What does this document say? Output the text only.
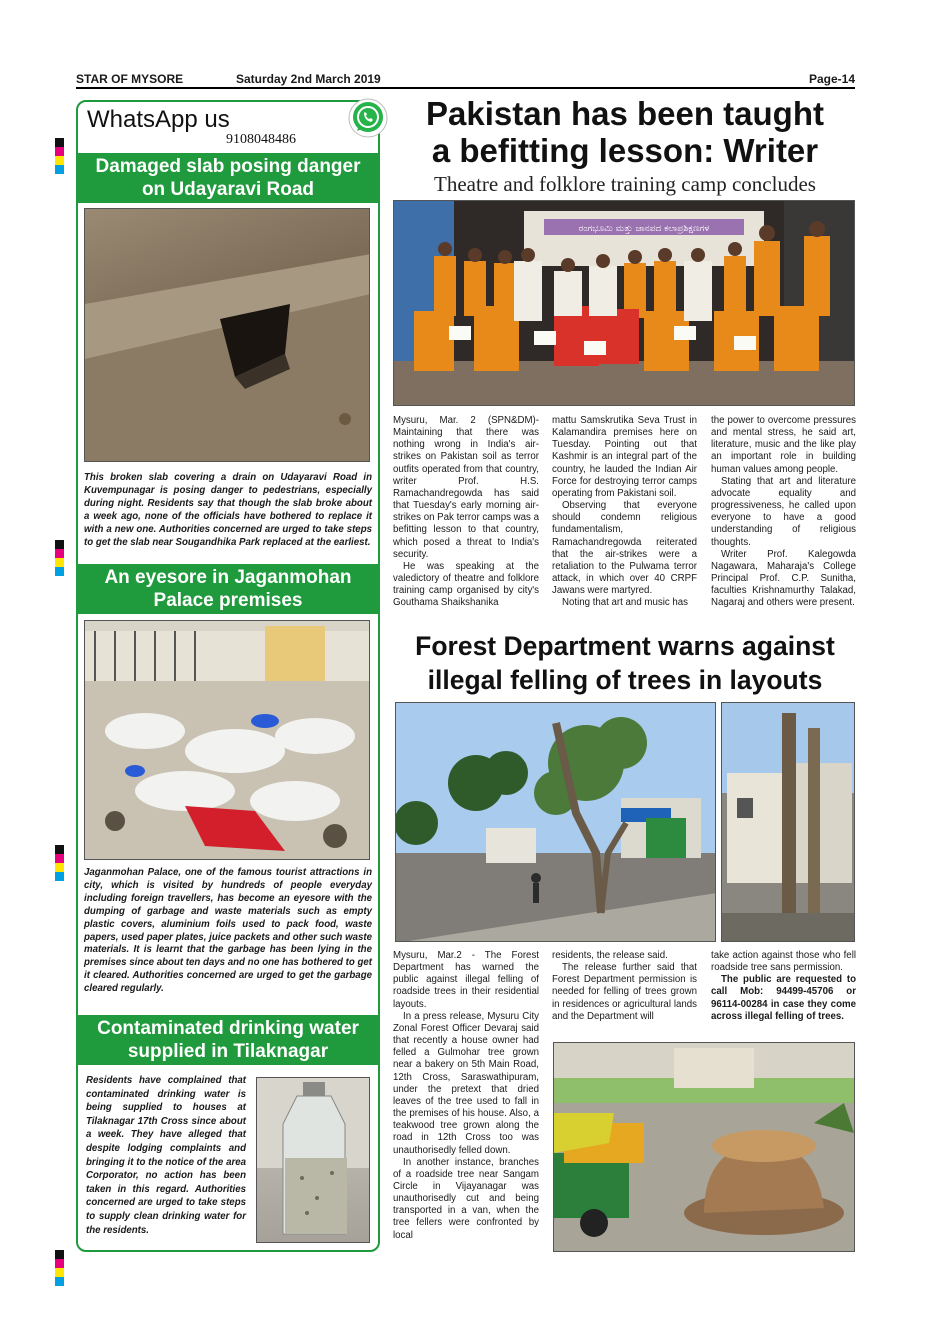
STAR OF MYSORE	Saturday 2nd March 2019	Page-14
WhatsApp us
9108048486
Damaged slab posing danger
on Udayaravi Road
This broken slab covering a drain on Udayaravi Road in Kuvempunagar is posing danger to pedestrians, especially during night. Residents say that though the slab broke about a week ago, none of the officials have bothered to replace it with a new one. Authorities concerned are urged to take steps to get the slab near Sougandhika Park replaced at the earliest.
An eyesore in Jaganmohan
Palace premises
Jaganmohan Palace, one of the famous tourist attractions in city, which is visited by hundreds of people everyday including foreign travellers, has become an eyesore with the dumping of garbage and waste materials such as empty plastic covers, aluminium foils used to pack food, waste papers, used paper plates, juice packets and other such waste materials. It is learnt that the garbage has been lying in the premises since about ten days and no one has bothered to get it cleared. Authorities concerned are urged to get the garbage cleared regularly.
Contaminated drinking water
supplied in Tilaknagar
Residents have complained that contaminated drinking water is being supplied to houses at Tilaknagar 17th Cross since about a week. They have alleged that despite lodging complaints and bringing it to the notice of the area Corporator, no action has been taken in this regard. Authorities concerned are urged to take steps to supply clean drinking water for the residents.
Pakistan has been taught
a befitting lesson: Writer
Theatre and folklore training camp concludes
ರಂಗಭೂಮಿ ಮತ್ತು ಜಾನಪದ ಕಲಾಪ್ರಶಿಕ್ಷಣಗಳ

Mysuru, Mar. 2 (SPN&DM)- Maintaining that there was nothing wrong in India's air-strikes on Pakistan soil as terror outfits operated from that country, writer Prof. H.S. Ramachandregowda has said that Tuesday's early morning air-strikes on Pak terror camps was a befitting lesson to that country, which posed a threat to India's security.

He was speaking at the valedictory of theatre and folklore training camp organised by city's Gouthama Shaikshanika

mattu Samskrutika Seva Trust in Kalamandira premises here on Tuesday. Pointing out that Kashmir is an integral part of the country, he lauded the Indian Air Force for destroying terror camps operating from Pakistani soil.

Observing that everyone should condemn religious fundamentalism, Ramachandregowda reiterated that the air-strikes were a retaliation to the Pulwama terror attack, in which over 40 CRPF Jawans were martyred.

Noting that art and music has

the power to overcome pressures and mental stress, he said art, literature, music and the like play an important role in building human values among people.

Stating that art and literature advocate equality and progressiveness, he called upon everyone to have a good understanding of religious thoughts.

Writer Prof. Kalegowda Nagawara, Maharaja's College Principal Prof. C.P. Sunitha, faculties Krishnamurthy Talakad, Nagaraj and others were present.

Forest Department warns against
illegal felling of trees in layouts

Mysuru, Mar.2 - The Forest Department has warned the public against illegal felling of roadside trees in their residential layouts.

In a press release, Mysuru City Zonal Forest Officer Devaraj said that recently a house owner had felled a Gulmohar tree grown near a bakery on 5th Main Road, 12th Cross, Saraswathipuram, under the pretext that dried leaves of the tree used to fall in the premises of his house. Also, a teakwood tree grown along the road in 12th Cross too was unauthorisedly felled down.

In another instance, branches of a roadside tree near Sangam Circle in Vijayanagar was unauthorisedly cut and being transported in a van, when the tree fellers were confronted by local

residents, the release said.

The release further said that Forest Department permission is needed for felling of trees grown in residences or agricultural lands and the Department will

take action against those who fell roadside tree sans permission.

The public are requested to call Mob: 94499-45706 or 96114-00284 in case they come across illegal felling of trees.
